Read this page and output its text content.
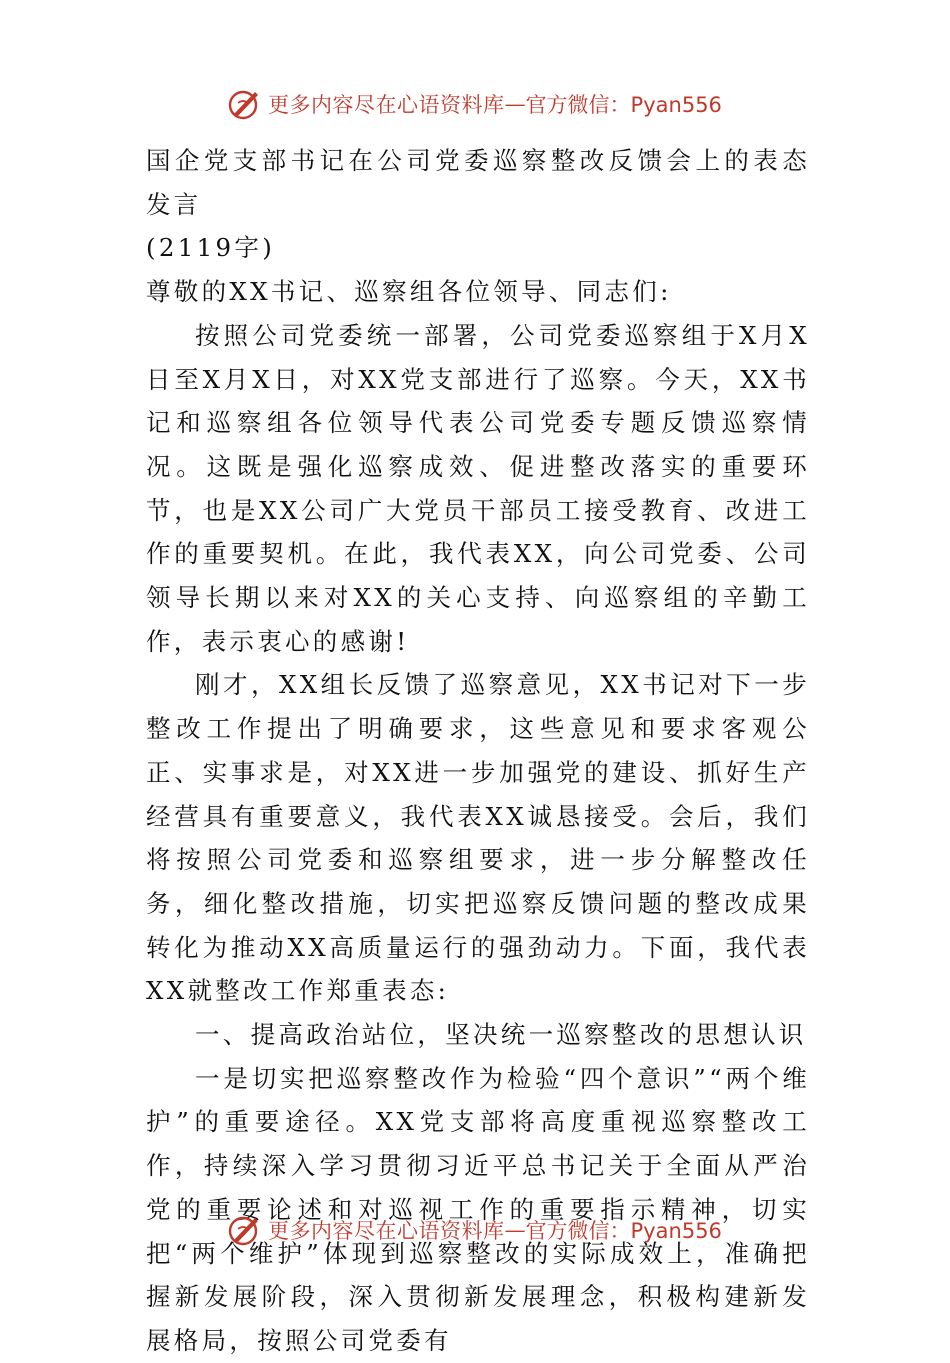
更多内容尽在心语资料库 — 官方微信：Pyan556

国企党支部书记在公司党委巡察整改反馈会上的表态发言

(2119字)

尊敬的XX书记、巡察组各位领导、同志们:

按照公司党委统一部署，公司党委巡察组于X月X日至X月X日，对XX党支部进行了巡察。今天，XX书记和巡察组各位领导代表公司党委专题反馈巡察情况。这既是强化巡察成效、促进整改落实的重要环节，也是XX公司广大党员干部员工接受教育、改进工作的重要契机。在此，我代表XX，向公司党委、公司领导长期以来对XX的关心支持、向巡察组的辛勤工作，表示衷心的感谢!

刚才，XX组长反馈了巡察意见，XX书记对下一步整改工作提出了明确要求，这些意见和要求客观公正、实事求是，对XX进一步加强党的建设、抓好生产经营具有重要意义，我代表XX诚恳接受。会后，我们将按照公司党委和巡察组要求，进一步分解整改任务，细化整改措施，切实把巡察反馈问题的整改成果转化为推动XX高质量运行的强劲动力。下面，我代表XX就整改工作郑重表态:

一、提高政治站位，坚决统一巡察整改的思想认识

一是切实把巡察整改作为检验“四个意识”“两个维护”的重要途径。XX党支部将高度重视巡察整改工作，持续深入学习贯彻习近平总书记关于全面从严治党的重要论述和对巡视工作的重要指示精神，切实把“两个维护”体现到巡察整改的实际成效上，准确把握新发展阶段，深入贯彻新发展理念，积极构建新发展格局，按照公司党委有

更多内容尽在心语资料库 — 官方微信：Pyan556
